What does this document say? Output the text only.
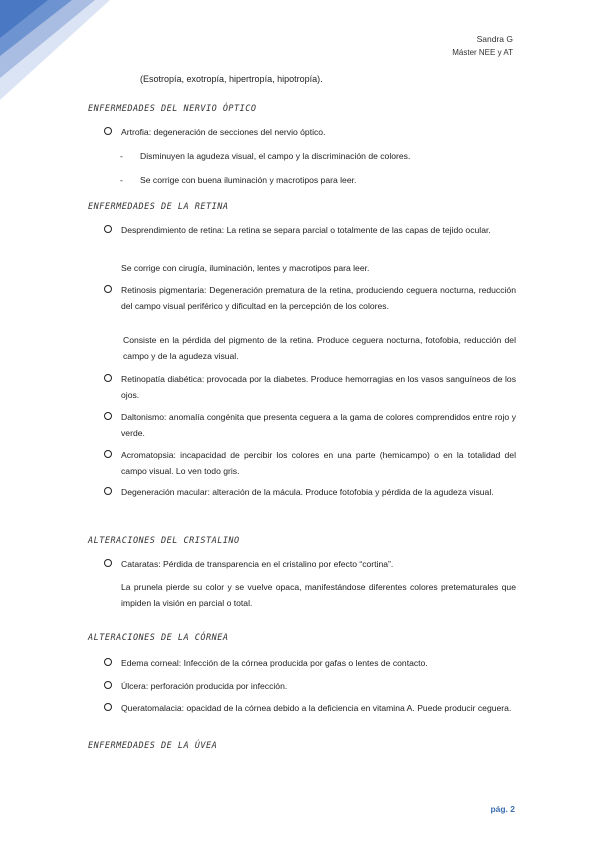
Sandra G
Máster NEE y AT
(Esotropía, exotropía, hipertropía, hipotropía).
ENFERMEDADES DEL NERVIO ÓPTICO
Artrofia: degeneración de secciones del nervio óptico.
- Disminuyen la agudeza visual, el campo y la discriminación de colores.
- Se corrige con buena iluminación y macrotipos para leer.
ENFERMEDADES DE LA RETINA
Desprendimiento de retina: La retina se separa parcial o totalmente de las capas de tejido ocular.
Se corrige con cirugía, iluminación, lentes y macrotipos para leer.
Retinosis pigmentaria: Degeneración prematura de la retina, produciendo ceguera nocturna, reducción del campo visual periférico y dificultad en la percepción de los colores.
Consiste en la pérdida del pigmento de la retina. Produce ceguera nocturna, fotofobia, reducción del campo y de la agudeza visual.
Retinopatía diabética: provocada por la diabetes. Produce hemorragias en los vasos sanguíneos de los ojos.
Daltonismo: anomalía congénita que presenta ceguera a la gama de colores comprendidos entre rojo y verde.
Acromatopsia: incapacidad de percibir los colores en una parte (hemicampo) o en la totalidad del campo visual. Lo ven todo gris.
Degeneración macular: alteración de la mácula. Produce fotofobia y pérdida de la agudeza visual.
ALTERACIONES DEL CRISTALINO
Cataratas: Pérdida de transparencia en el cristalino por efecto “cortina”.
La prunela pierde su color y se vuelve opaca, manifestándose diferentes colores pretematurales que impiden la visión en parcial o total.
ALTERACIONES DE LA CÓRNEA
Edema corneal: Infección de la córnea producida por gafas o lentes de contacto.
Úlcera: perforación producida por infección.
Queratomalacia: opacidad de la córnea debido a la deficiencia en vitamina A. Puede producir ceguera.
ENFERMEDADES DE LA ÚVEA
pág. 2
